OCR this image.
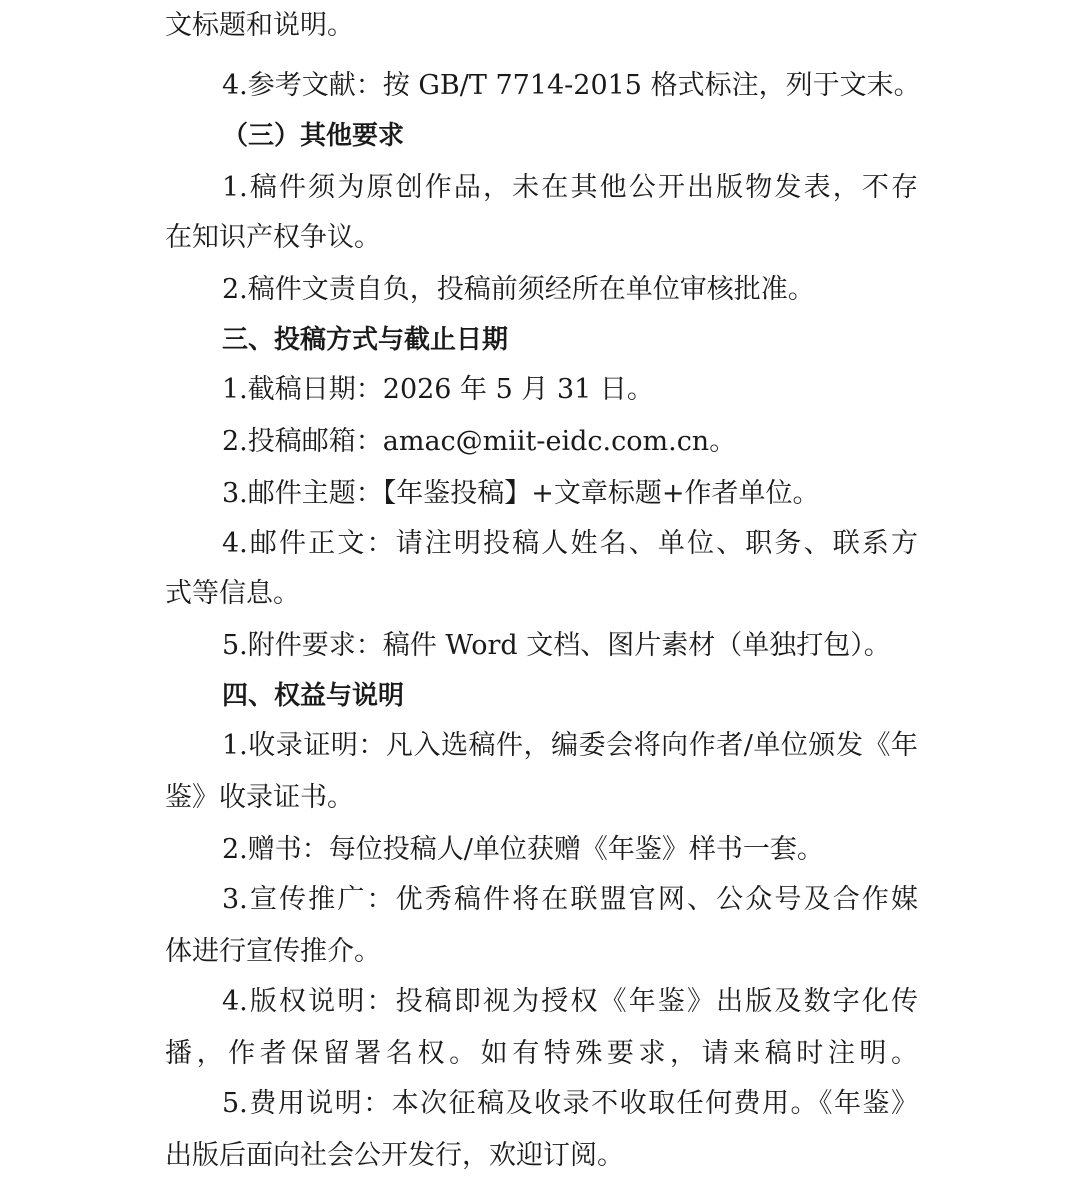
文标题和说明。
4.参考文献：按 GB/T 7714-2015 格式标注，列于文末。
（三）其他要求
1.稿件须为原创作品，未在其他公开出版物发表，不存
在知识产权争议。
2.稿件文责自负，投稿前须经所在单位审核批准。
三、投稿方式与截止日期
1.截稿日期：2026 年 5 月 31 日。
2.投稿邮箱：amac@miit-eidc.com.cn。
3.邮件主题：【年鉴投稿】+文章标题+作者单位。
4.邮件正文：请注明投稿人姓名、单位、职务、联系方
式等信息。
5.附件要求：稿件 Word 文档、图片素材（单独打包）。
四、权益与说明
1.收录证明：凡入选稿件，编委会将向作者/单位颁发《年
鉴》收录证书。
2.赠书：每位投稿人/单位获赠《年鉴》样书一套。
3.宣传推广：优秀稿件将在联盟官网、公众号及合作媒
体进行宣传推介。
4.版权说明：投稿即视为授权《年鉴》出版及数字化传
播，作者保留署名权。如有特殊要求，请来稿时注明。
5.费用说明：本次征稿及收录不收取任何费用。《年鉴》
出版后面向社会公开发行，欢迎订阅。
